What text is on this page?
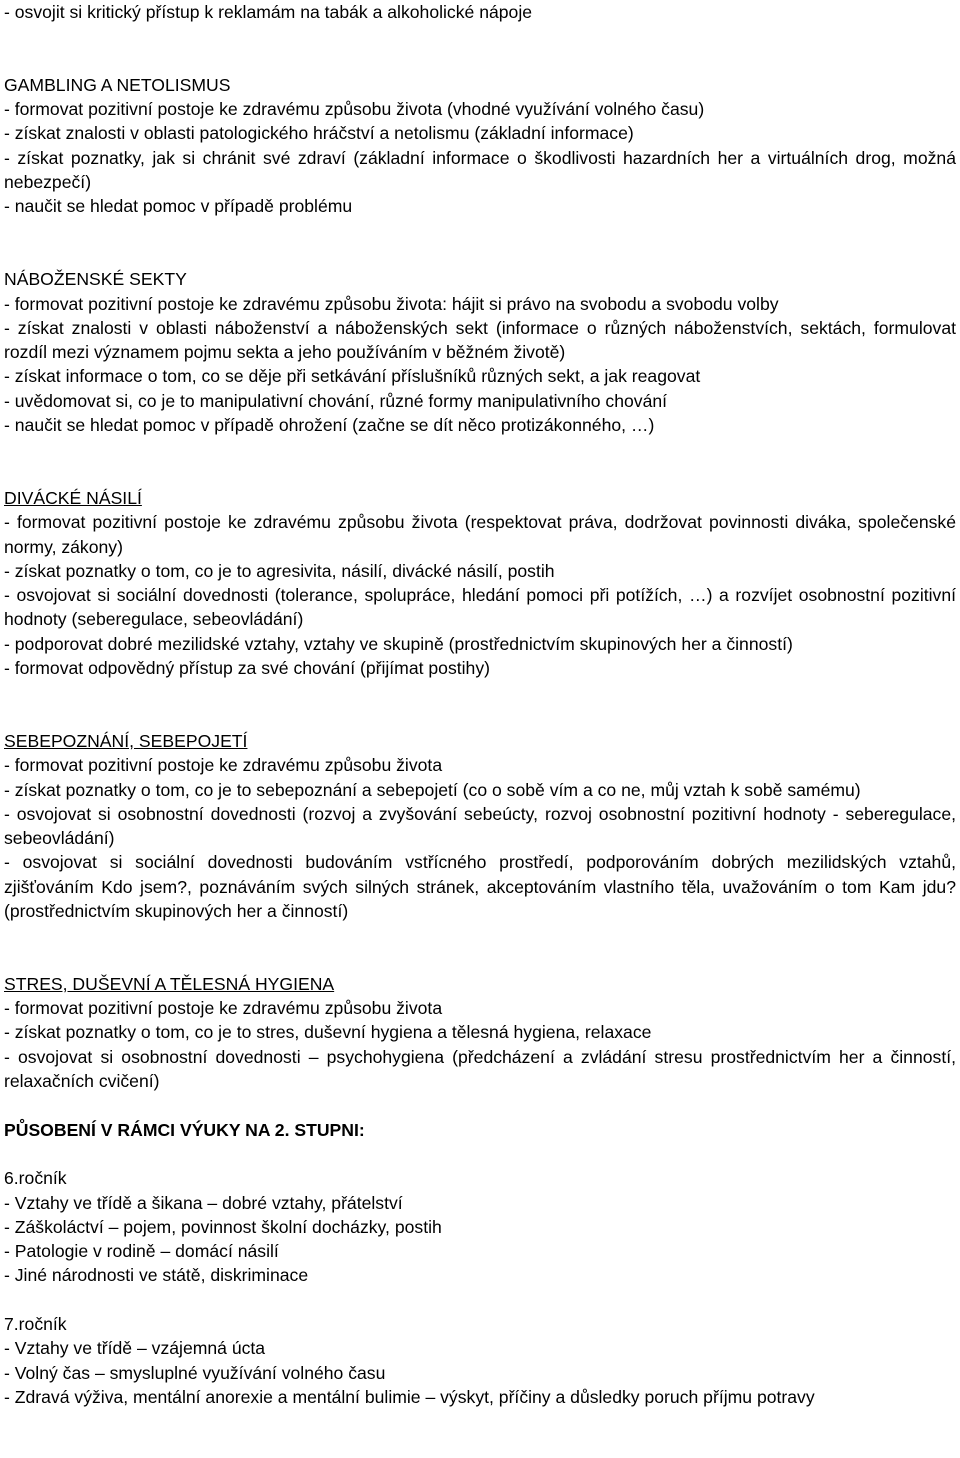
- osvojit si kritický přístup k reklamám na tabák a alkoholické nápoje

GAMBLING A NETOLISMUS

- formovat pozitivní postoje ke zdravému způsobu života (vhodné využívání volného času)

- získat znalosti v oblasti patologického hráčství a netolismu (základní informace)

- získat poznatky, jak si chránit své zdraví (základní informace o škodlivosti hazardních her a virtuálních drog, možná nebezpečí)

- naučit se hledat pomoc v případě problému

NÁBOŽENSKÉ SEKTY

- formovat pozitivní postoje ke zdravému způsobu života: hájit si právo na svobodu a svobodu volby

- získat znalosti v oblasti náboženství a náboženských sekt (informace o různých náboženstvích, sektách, formulovat rozdíl mezi významem pojmu sekta a jeho používáním v běžném životě)

- získat informace o tom, co se děje při setkávání příslušníků různých sekt, a jak reagovat

- uvědomovat si, co je to manipulativní chování, různé formy manipulativního chování

- naučit se hledat pomoc v případě ohrožení (začne se dít něco protizákonného, …)

DIVÁCKÉ NÁSILÍ

- formovat pozitivní postoje ke zdravému způsobu života (respektovat práva, dodržovat povinnosti diváka, společenské normy, zákony)

- získat poznatky o tom, co je to agresivita, násilí, divácké násilí, postih

- osvojovat si sociální dovednosti (tolerance, spolupráce, hledání pomoci při potížích, …) a rozvíjet osobnostní pozitivní hodnoty (seberegulace, sebeovládání)

- podporovat dobré mezilidské vztahy, vztahy ve skupině (prostřednictvím skupinových her a činností)

- formovat odpovědný přístup za své chování (přijímat postihy)

SEBEPOZNÁNÍ, SEBEPOJETÍ

- formovat pozitivní postoje ke zdravému způsobu života

- získat poznatky o tom, co je to sebepoznání a sebepojetí (co o sobě vím a co ne, můj vztah k sobě samému)

- osvojovat si osobnostní dovednosti (rozvoj a zvyšování sebeúcty, rozvoj osobnostní pozitivní hodnoty - seberegulace, sebeovládání)

- osvojovat si sociální dovednosti budováním vstřícného prostředí, podporováním dobrých mezilidských vztahů, zjišťováním Kdo jsem?, poznáváním svých silných stránek, akceptováním vlastního těla, uvažováním o tom Kam jdu? (prostřednictvím skupinových her a činností)

STRES, DUŠEVNÍ A TĚLESNÁ HYGIENA

- formovat pozitivní postoje ke zdravému způsobu života

- získat poznatky o tom, co je to stres, duševní hygiena a tělesná hygiena, relaxace

- osvojovat si osobnostní dovednosti – psychohygiena (předcházení a zvládání stresu prostřednictvím her a činností, relaxačních cvičení)

PŮSOBENÍ V RÁMCI VÝUKY NA 2. STUPNI:

6.ročník

- Vztahy ve třídě a šikana – dobré vztahy, přátelství

- Záškoláctví – pojem, povinnost školní docházky, postih

- Patologie v rodině – domácí násilí

- Jiné národnosti ve státě, diskriminace

7.ročník

- Vztahy ve třídě – vzájemná úcta

- Volný čas – smysluplné využívání volného času

- Zdravá výživa, mentální anorexie a mentální bulimie – výskyt, příčiny a důsledky poruch příjmu potravy
